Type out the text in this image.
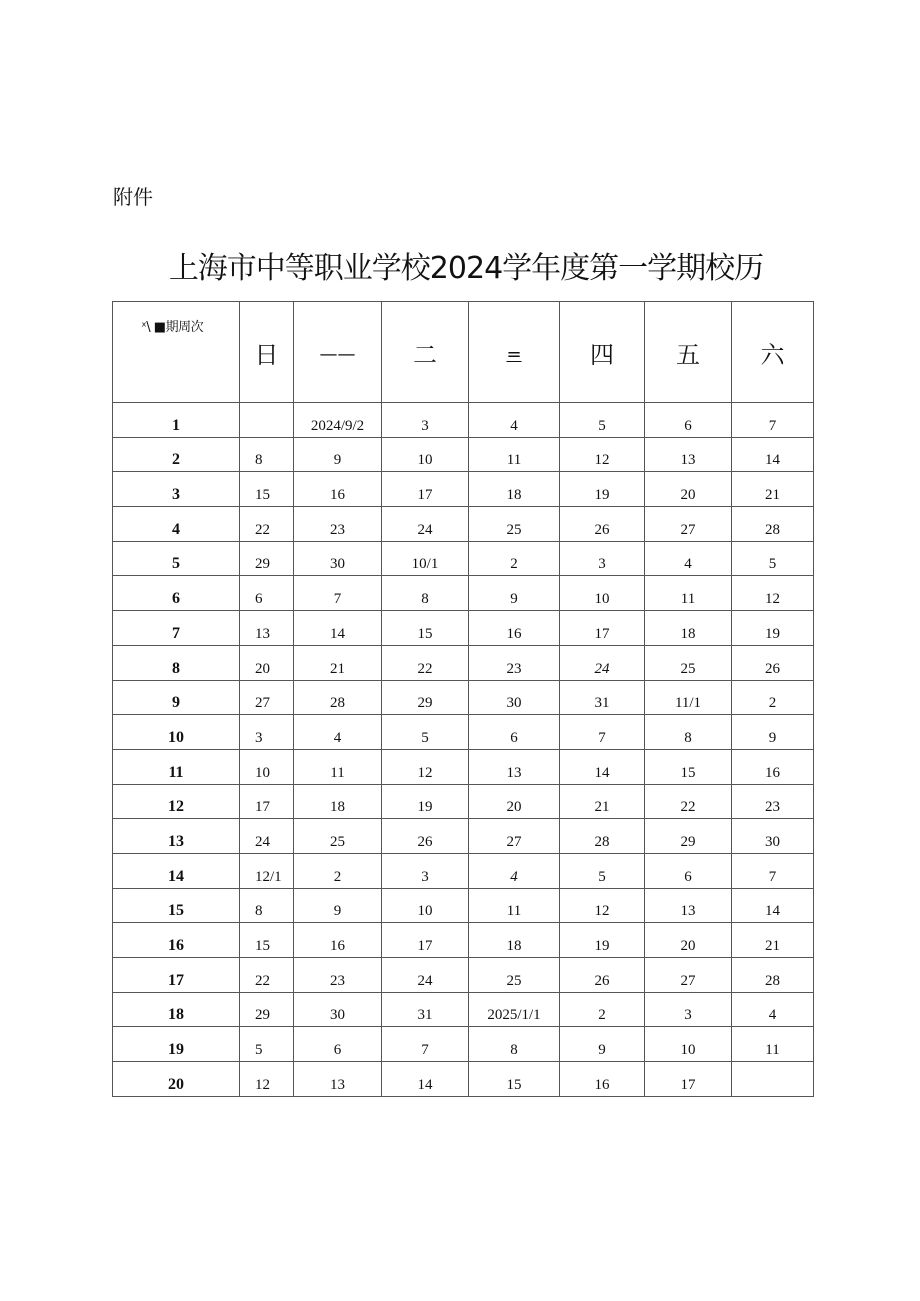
附件
上海市中等职业学校2024学年度第一学期校历
ˣ\ ■期周次	日	——	二	=	四	五	六
1		2024/9/2	3	4	5	6	7
2	8	9	10	11	12	13	14
3	15	16	17	18	19	20	21
4	22	23	24	25	26	27	28
5	29	30	10/1	2	3	4	5
6	6	7	8	9	10	11	12
7	13	14	15	16	17	18	19
8	20	21	22	23	24	25	26
9	27	28	29	30	31	11/1	2
10	3	4	5	6	7	8	9
11	10	11	12	13	14	15	16
12	17	18	19	20	21	22	23
13	24	25	26	27	28	29	30
14	12/1	2	3	4	5	6	7
15	8	9	10	11	12	13	14
16	15	16	17	18	19	20	21
17	22	23	24	25	26	27	28
18	29	30	31	2025/1/1	2	3	4
19	5	6	7	8	9	10	11
20	12	13	14	15	16	17	
